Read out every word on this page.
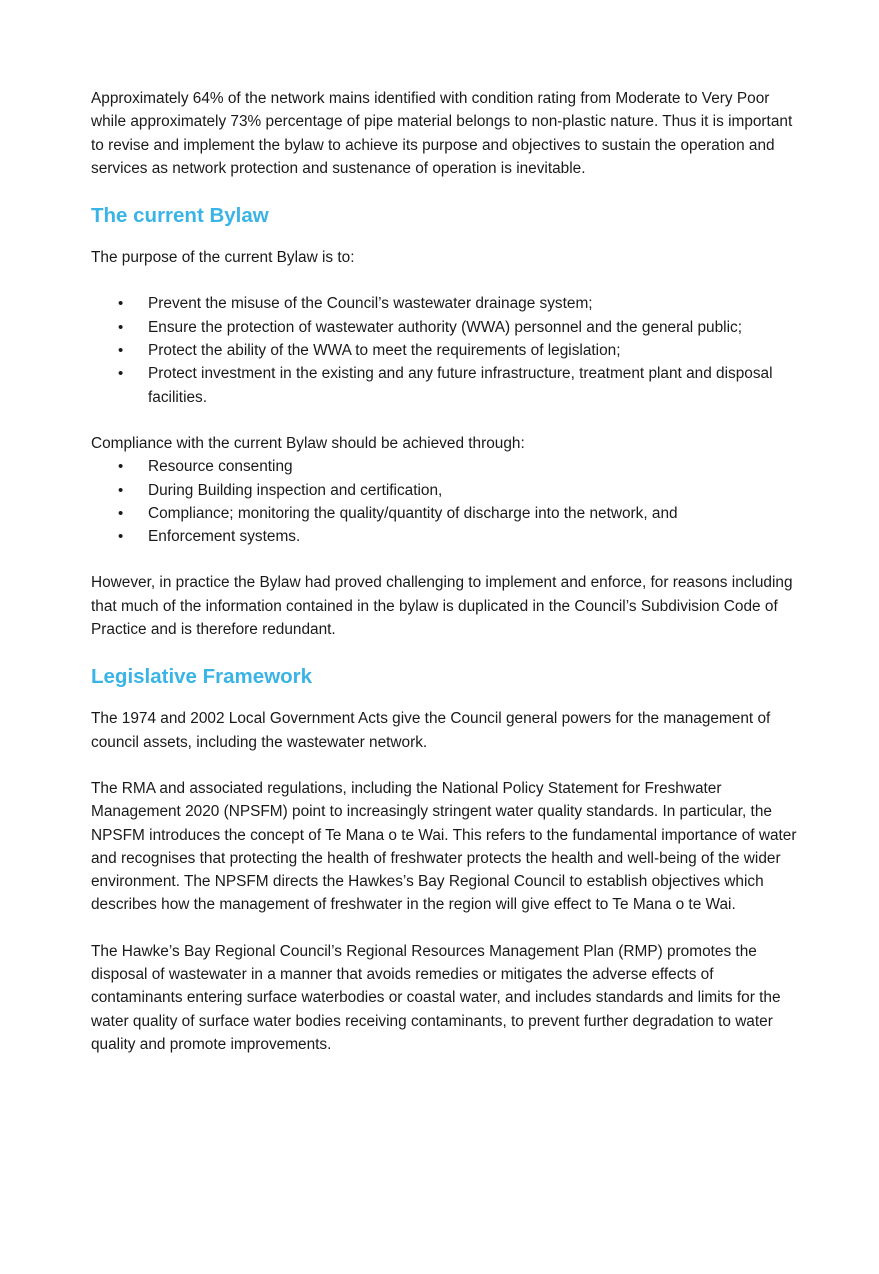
Approximately 64% of the network mains identified with condition rating from Moderate to Very Poor while approximately 73% percentage of pipe material belongs to non-plastic nature. Thus it is important to revise and implement the bylaw to achieve its purpose and objectives to sustain the operation and services as network protection and sustenance of operation is inevitable.

The current Bylaw

The purpose of the current Bylaw is to:

• Prevent the misuse of the Council’s wastewater drainage system;
• Ensure the protection of wastewater authority (WWA) personnel and the general public;
• Protect the ability of the WWA to meet the requirements of legislation;
• Protect investment in the existing and any future infrastructure, treatment plant and disposal facilities.

Compliance with the current Bylaw should be achieved through:

• Resource consenting
• During Building inspection and certification,
• Compliance; monitoring the quality/quantity of discharge into the network, and
• Enforcement systems.

However, in practice the Bylaw had proved challenging to implement and enforce, for reasons including that much of the information contained in the bylaw is duplicated in the Council’s Subdivision Code of Practice and is therefore redundant.

Legislative Framework

The 1974 and 2002 Local Government Acts give the Council general powers for the management of council assets, including the wastewater network.

The RMA and associated regulations, including the National Policy Statement for Freshwater Management 2020 (NPSFM) point to increasingly stringent water quality standards. In particular, the NPSFM introduces the concept of Te Mana o te Wai. This refers to the fundamental importance of water and recognises that protecting the health of freshwater protects the health and well-being of the wider environment. The NPSFM directs the Hawkes’s Bay Regional Council to establish objectives which describes how the management of freshwater in the region will give effect to Te Mana o te Wai.

The Hawke’s Bay Regional Council’s Regional Resources Management Plan (RMP) promotes the disposal of wastewater in a manner that avoids remedies or mitigates the adverse effects of contaminants entering surface waterbodies or coastal water, and includes standards and limits for the water quality of surface water bodies receiving contaminants, to prevent further degradation to water quality and promote improvements.
